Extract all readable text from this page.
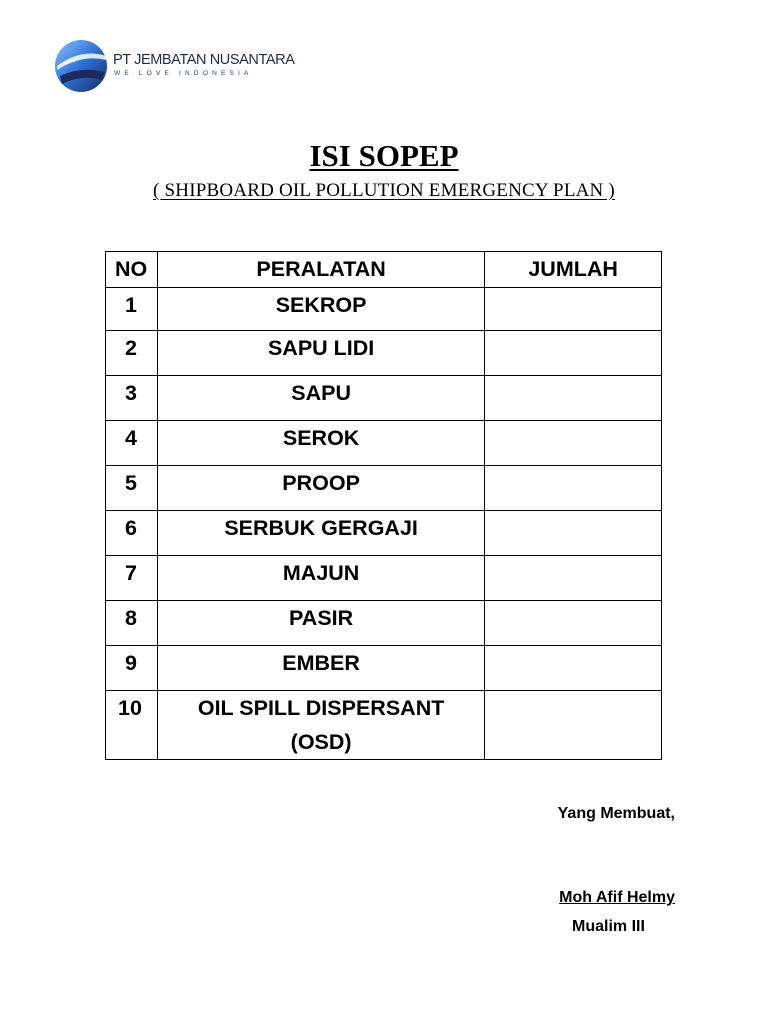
PT JEMBATAN NUSANTARA
WE LOVE INDONESIA
ISI SOPEP
( SHIPBOARD OIL POLLUTION EMERGENCY PLAN )
NO	PERALATAN	JUMLAH
1	SEKROP	
2	SAPU LIDI	
3	SAPU	
4	SEROK	
5	PROOP	
6	SERBUK GERGAJI	
7	MAJUN	
8	PASIR	
9	EMBER	
10	OIL SPILL DISPERSANT
(OSD)	

Yang Membuat,
Moh Afif Helmy
Mualim III
